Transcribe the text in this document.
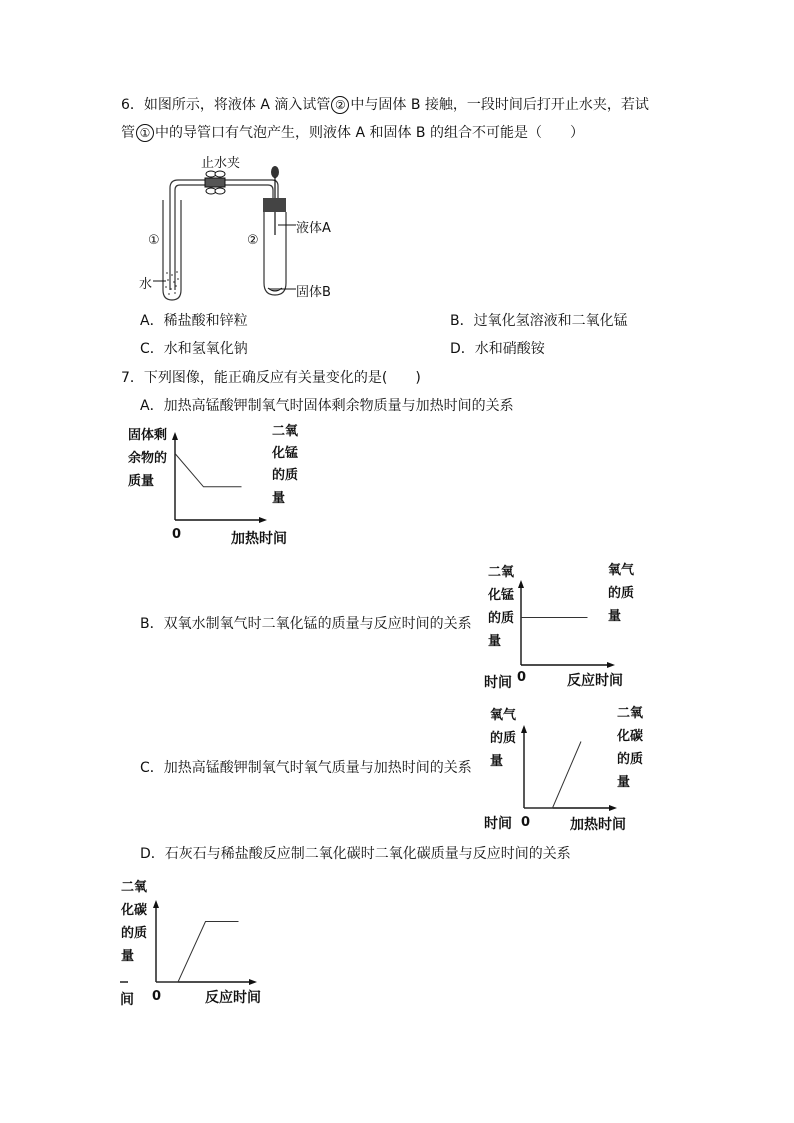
6．如图所示，将液体 A 滴入试管 ② 中与固体 B 接触，一段时间后打开止水夹，若试
管 ① 中的导管口有气泡产生，则液体 A 和固体 B 的组合不可能是（　　）
止水夹
①	②
液体A
水
固体B
A．稀盐酸和锌粒	B．过氧化氢溶液和二氧化锰
C．水和氢氧化钠	D．水和硝酸铵
7．下列图像，能正确反应有关量变化的是(　　)
A．加热高锰酸钾制氧气时固体剩余物质量与加热时间的关系
固体剩
余物的
质量
二氧
化锰
的质
量
0	加热时间
B．双氧水制氧气时二氧化锰的质量与反应时间的关系
二氧
化锰
的质
量
氧气
的质
量
时间 0	反应时间
C．加热高锰酸钾制氧气时氧气质量与加热时间的关系
氧气
的质
量
二氧
化碳
的质
量
时间 0	加热时间
D．石灰石与稀盐酸反应制二氧化碳时二氧化碳质量与反应时间的关系
二氧
化碳
的质
量
间 0	反应时间
